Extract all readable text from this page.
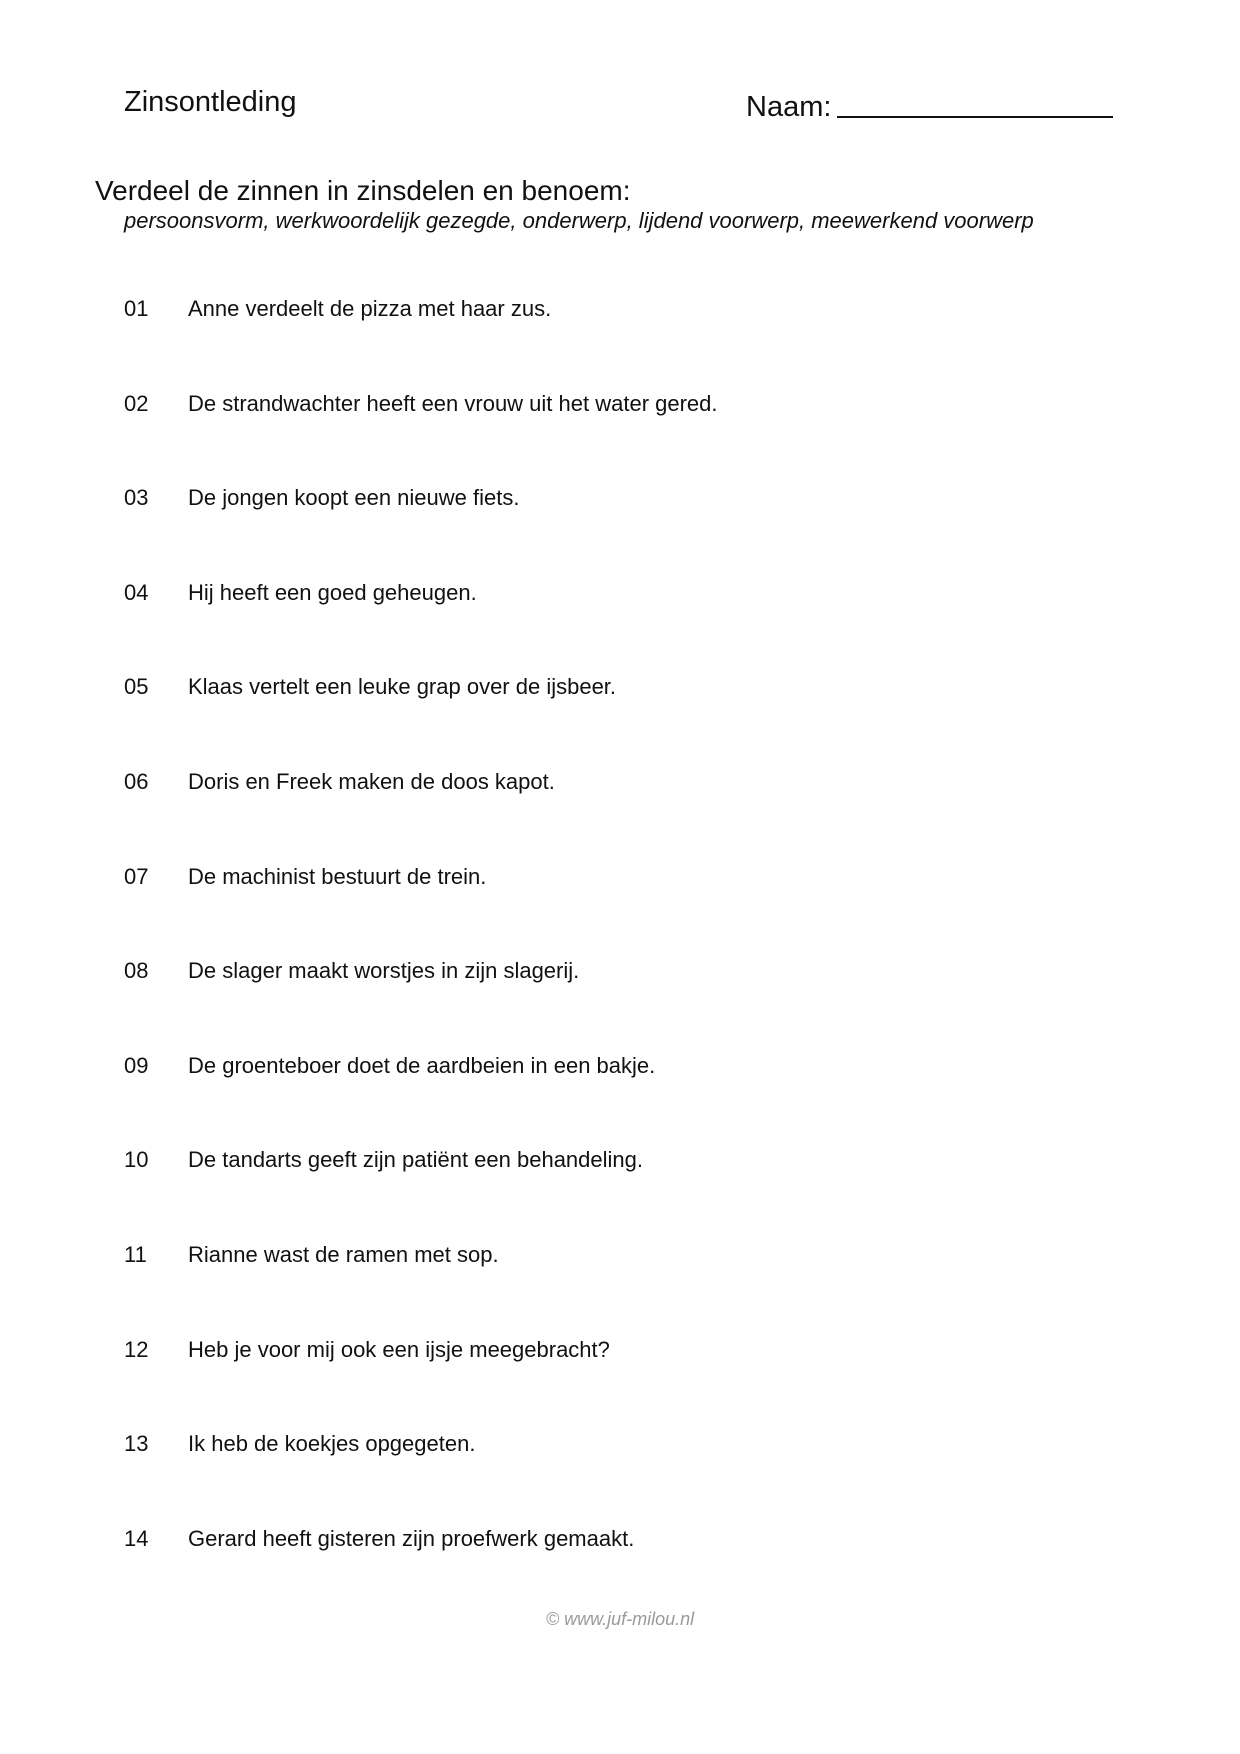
Zinsontleding	Naam:
Verdeel de zinnen in zinsdelen en benoem:
persoonsvorm, werkwoordelijk gezegde, onderwerp, lijdend voorwerp, meewerkend voorwerp
01	Anne verdeelt de pizza met haar zus.
02	De strandwachter heeft een vrouw uit het water gered.
03	De jongen koopt een nieuwe fiets.
04	Hij heeft een goed geheugen.
05	Klaas vertelt een leuke grap over de ijsbeer.
06	Doris en Freek maken de doos kapot.
07	De machinist bestuurt de trein.
08	De slager maakt worstjes in zijn slagerij.
09	De groenteboer doet de aardbeien in een bakje.
10	De tandarts geeft zijn patiënt een behandeling.
11	Rianne wast de ramen met sop.
12	Heb je voor mij ook een ijsje meegebracht?
13	Ik heb de koekjes opgegeten.
14	Gerard heeft gisteren zijn proefwerk gemaakt.
© www.juf-milou.nl
